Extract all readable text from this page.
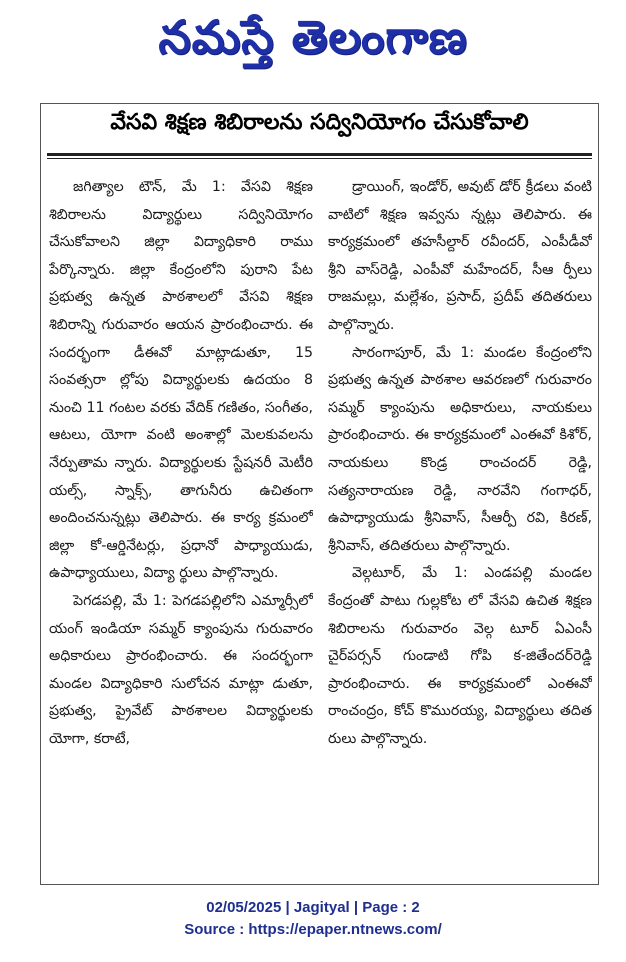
నమస్తే తెలంగాణ
వేసవి శిక్షణ శిబిరాలను సద్వినియోగం చేసుకోవాలి

జగిత్యాల టౌన్, మే 1: వేసవి శిక్షణ శిబిరాలను విద్యార్థులు సద్వినియోగం చేసుకోవాలని జిల్లా విద్యాధికారి రాము పేర్కొన్నారు. జిల్లా కేంద్రంలోని పురాని పేట ప్రభుత్వ ఉన్నత పాఠశాలలో వేసవి శిక్షణ శిబిరాన్ని గురువారం ఆయన ప్రారంభించారు. ఈ సందర్భంగా డీఈవో మాట్లాడుతూ, 15 సంవత్సరా ల్లోపు విద్యార్థులకు ఉదయం 8 నుంచి 11 గంటల వరకు వేదిక్ గణితం, సంగీతం, ఆటలు, యోగా వంటి అంశాల్లో మెలకువలను నేర్పుతామ న్నారు. విద్యార్థులకు స్టేషనరీ మెటీరి యల్స్, స్నాక్స్, తాగునీరు ఉచితంగా అందించనున్నట్లు తెలిపారు. ఈ కార్య క్రమంలో జిల్లా కో-ఆర్డినేటర్లు, ప్రధానో పాధ్యాయుడు, ఉపాధ్యాయులు, విద్యా ర్థులు పాల్గొన్నారు.

పెగడపల్లి, మే 1: పెగడపల్లిలోని ఎమ్మార్సీలో యంగ్ ఇండియా సమ్మర్ క్యాంపును గురువారం అధికారులు ప్రారంభించారు. ఈ సందర్భంగా మండల విద్యాధికారి సులోచన మాట్లా డుతూ, ప్రభుత్వ, ప్రైవేట్ పాఠశాలల విద్యార్థులకు యోగా, కరాటే,

డ్రాయింగ్, ఇండోర్, అవుట్ డోర్ క్రీడలు వంటి వాటిలో శిక్షణ ఇవ్వను న్నట్లు తెలిపారు. ఈ కార్యక్రమంలో తహసీల్దార్ రవీందర్, ఎంపీడీవో శ్రీని వాస్‌రెడ్డి, ఎంపీవో మహేందర్, సీఆ ర్పీలు రాజమల్లు, మల్లేశం, ప్రసాద్, ప్రదీప్ తదితరులు పాల్గొన్నారు.

సారంగాపూర్, మే 1: మండల కేంద్రంలోని ప్రభుత్వ ఉన్నత పాఠశాల ఆవరణలో గురువారం సమ్మర్ క్యాంపును అధికారులు, నాయకులు ప్రారంభించారు. ఈ కార్యక్రమంలో ఎంఈవో కిశోర్, నాయకులు కొండ్ర రాంచందర్ రెడ్డి, సత్యనారాయణ రెడ్డి, నారవేని గంగాధర్, ఉపాధ్యాయుడు శ్రీనివాస్, సీఆర్పీ రవి, కిరణ్, శ్రీనివాస్, తదితరులు పాల్గొన్నారు.

వెల్గటూర్, మే 1: ఎండపల్లి మండల కేంద్రంతో పాటు గుల్లకోట లో వేసవి ఉచిత శిక్షణ శిబిరాలను గురువారం వెల్గ టూర్ ఏఎంసీ చైర్‌పర్సన్ గుండాటి గోపి క-జితేందర్‌రెడ్డి ప్రారంభించారు. ఈ కార్యక్రమంలో ఎంఈవో రాంచంద్రం, కోచ్ కొమురయ్య, విద్యార్థులు తదిత రులు పాల్గొన్నారు.

02/05/2025 | Jagityal | Page : 2
Source : https://epaper.ntnews.com/
